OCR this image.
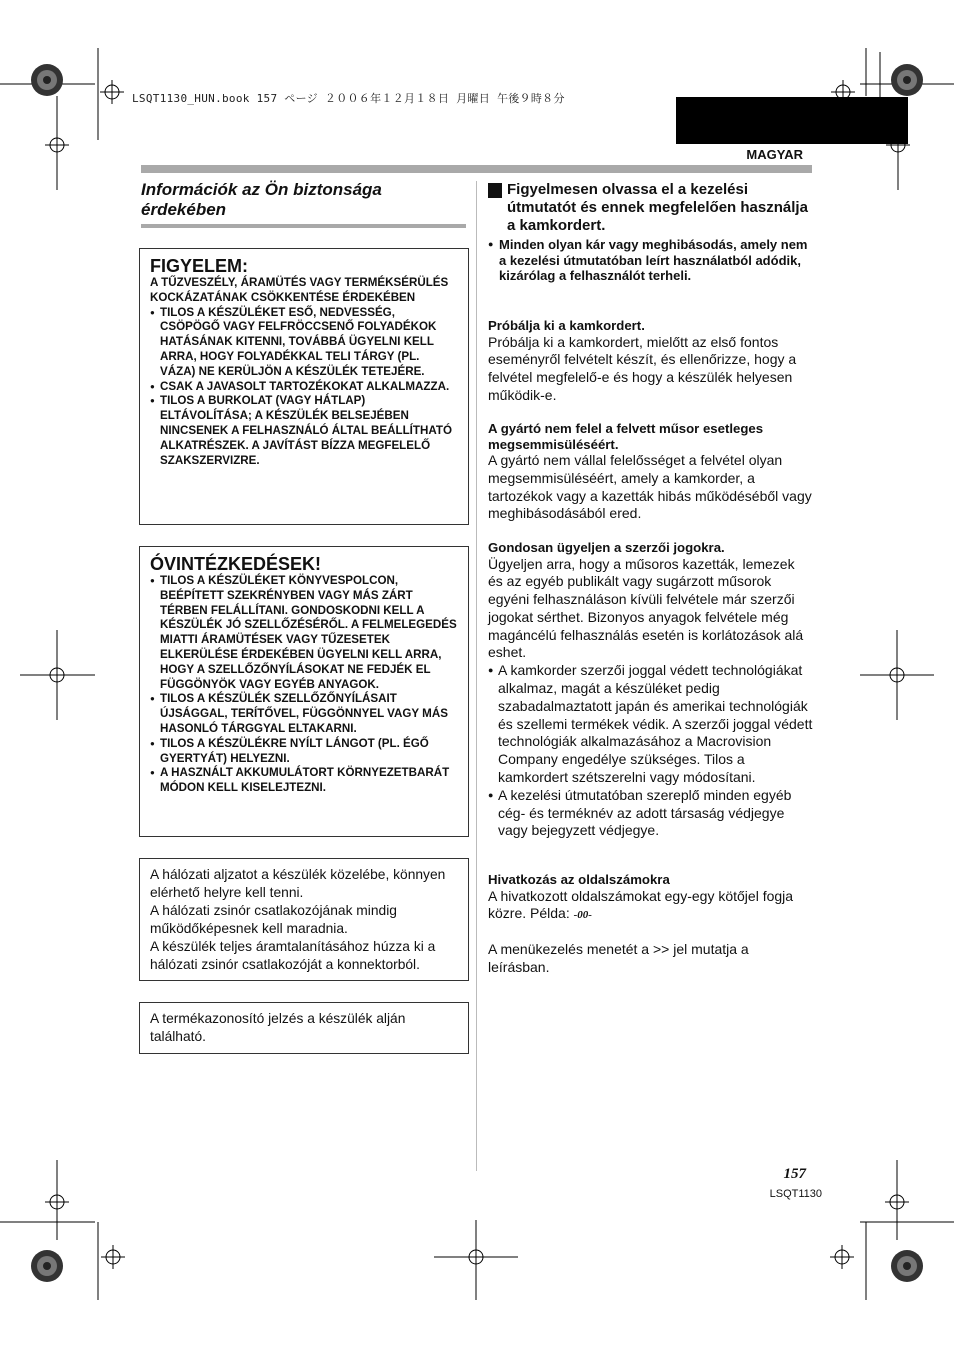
LSQT1130_HUN.book 157 ページ ２００６年１２月１８日 月曜日 午後９時８分
MAGYAR
Információk az Ön biztonsága érdekében
FIGYELEM:

A TŰZVESZÉLY, ÁRAMÜTÉS VAGY TERMÉKSÉRÜLÉS KOCKÁZATÁNAK CSÖKKENTÉSE ÉRDEKÉBEN

● TILOS A KÉSZÜLÉKET ESŐ, NEDVESSÉG, CSÖPÖGŐ VAGY FELFRÖCCSENŐ FOLYADÉKOK HATÁSÁNAK KITENNI, TOVÁBBÁ ÜGYELNI KELL ARRA, HOGY FOLYADÉKKAL TELI TÁRGY (PL. VÁZA) NE KERÜLJÖN A KÉSZÜLÉK TETEJÉRE.
● CSAK A JAVASOLT TARTOZÉKOKAT ALKALMAZZA.
● TILOS A BURKOLAT (VAGY HÁTLAP) ELTÁVOLÍTÁSA; A KÉSZÜLÉK BELSEJÉBEN NINCSENEK A FELHASZNÁLÓ ÁLTAL BEÁLLÍTHATÓ ALKATRÉSZEK. A JAVÍTÁST BÍZZA MEGFELELŐ SZAKSZERVIZRE.
ÓVINTÉZKEDÉSEK!
● TILOS A KÉSZÜLÉKET KÖNYVESPOLCON, BEÉPÍTETT SZEKRÉNYBEN VAGY MÁS ZÁRT TÉRBEN FELÁLLÍTANI. GONDOSKODNI KELL A KÉSZÜLÉK JÓ SZELLŐZÉSÉRŐL. A FELMELEGEDÉS MIATTI ÁRAMÜTÉSEK VAGY TŰZESETEK ELKERÜLÉSE ÉRDEKÉBEN ÜGYELNI KELL ARRA, HOGY A SZELLŐZŐNYÍLÁSOKAT NE FEDJÉK EL FÜGGÖNYÖK VAGY EGYÉB ANYAGOK.
● TILOS A KÉSZÜLÉK SZELLŐZŐNYÍLÁSAIT ÚJSÁGGAL, TERÍTŐVEL, FÜGGÖNNYEL VAGY MÁS HASONLÓ TÁRGGYAL ELTAKARNI.
● TILOS A KÉSZÜLÉKRE NYÍLT LÁNGOT (PL. ÉGŐ GYERTYÁT) HELYEZNI.
● A HASZNÁLT AKKUMULÁTORT KÖRNYEZETBARÁT MÓDON KELL KISELEJTEZNI.

A hálózati aljzatot a készülék közelébe, könnyen elérhető helyre kell tenni.

A hálózati zsinór csatlakozójának mindig működőképesnek kell maradnia.

A készülék teljes áramtalanításához húzza ki a hálózati zsinór csatlakozóját a konnektorból.

A termékazonosító jelzés a készülék alján található.

Figyelmesen olvassa el a kezelési útmutatót és ennek megfelelően használja a kamkordert.
● Minden olyan kár vagy meghibásodás, amely nem a kezelési útmutatóban leírt használatból adódik, kizárólag a felhasználót terheli.
Próbálja ki a kamkordert.

Próbálja ki a kamkordert, mielőtt az első fontos eseményről felvételt készít, és ellenőrizze, hogy a felvétel megfelelő-e és hogy a készülék helyesen működik-e.

A gyártó nem felel a felvett műsor esetleges megsemmisüléséért.

A gyártó nem vállal felelősséget a felvétel olyan megsemmisüléséért, amely a kamkorder, a tartozékok vagy a kazetták hibás működéséből vagy meghibásodásából ered.

Gondosan ügyeljen a szerzői jogokra.

Ügyeljen arra, hogy a műsoros kazetták, lemezek és az egyéb publikált vagy sugárzott műsorok egyéni felhasználáson kívüli felvétele már szerzői jogokat sérthet. Bizonyos anyagok felvétele még magáncélú felhasználás esetén is korlátozások alá eshet.

● A kamkorder szerzői joggal védett technológiákat alkalmaz, magát a készüléket pedig szabadalmaztatott japán és amerikai technológiák és szellemi termékek védik. A szerzői joggal védett technológiák alkalmazásához a Macrovision Company engedélye szükséges. Tilos a kamkordert szétszerelni vagy módosítani.
● A kezelési útmutatóban szereplő minden egyéb cég- és terméknév az adott társaság védjegye vagy bejegyzett védjegye.
Hivatkozás az oldalszámokra

A hivatkozott oldalszámokat egy-egy kötőjel fogja közre. Példa: -00-

A menükezelés menetét a >> jel mutatja a leírásban.

157
LSQT1130
